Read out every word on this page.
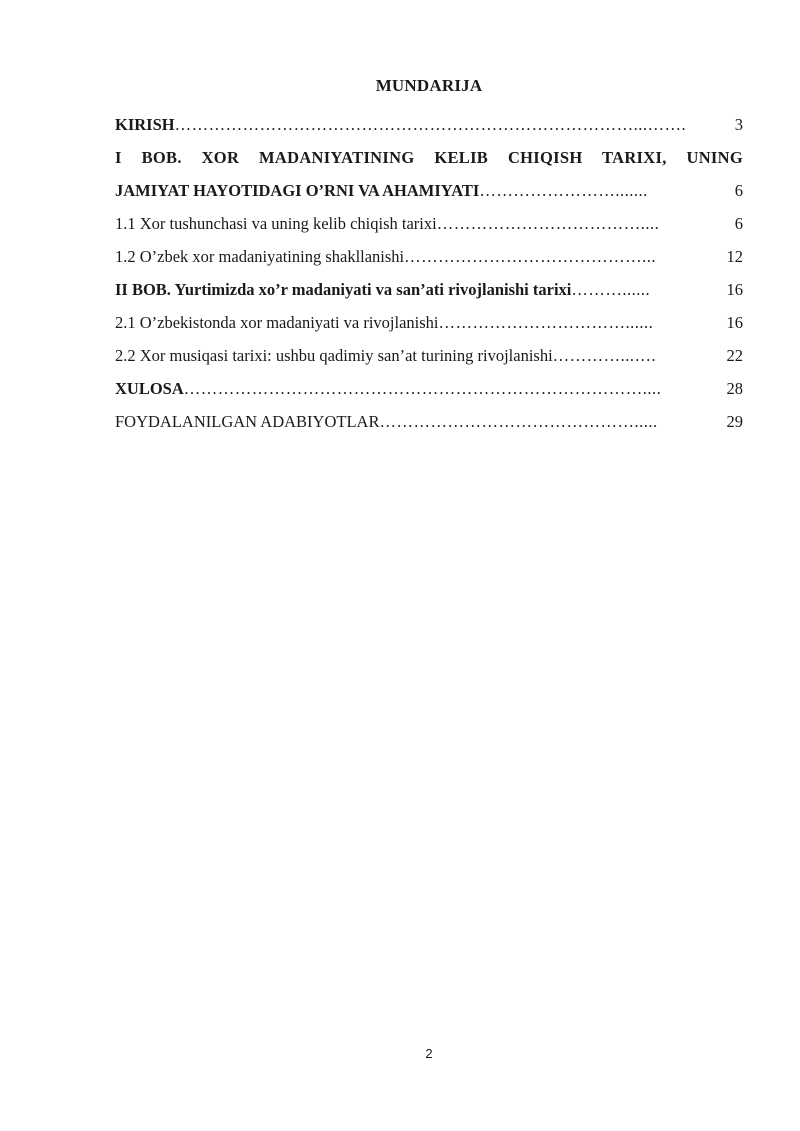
MUNDARIJA
KIRISH ………………………………………………………………………...…….	3
I BOB. XOR MADANIYATINING KELIB CHIQISH TARIXI, UNING
JAMIYAT HAYOTIDAGI O’RNI VA AHAMIYATI …………………….......	6
1.1 Xor tushunchasi va uning kelib chiqish tarixi ………………………………....	6
1.2 O’zbek xor madaniyatining shakllanishi ……………………………………...	12
II BOB. Yurtimizda xo’r madaniyati va san’ati rivojlanishi tarixi ………......	16
2.1 O’zbekistonda xor madaniyati va rivojlanishi ……………………………......	16
2.2 Xor musiqasi tarixi: ushbu qadimiy san’at turining rivojlanishi …………...….	22
XULOSA ………………………………………………………………………....	28
FOYDALANILGAN ADABIYOTLAR ……………………………………….....	29
2
